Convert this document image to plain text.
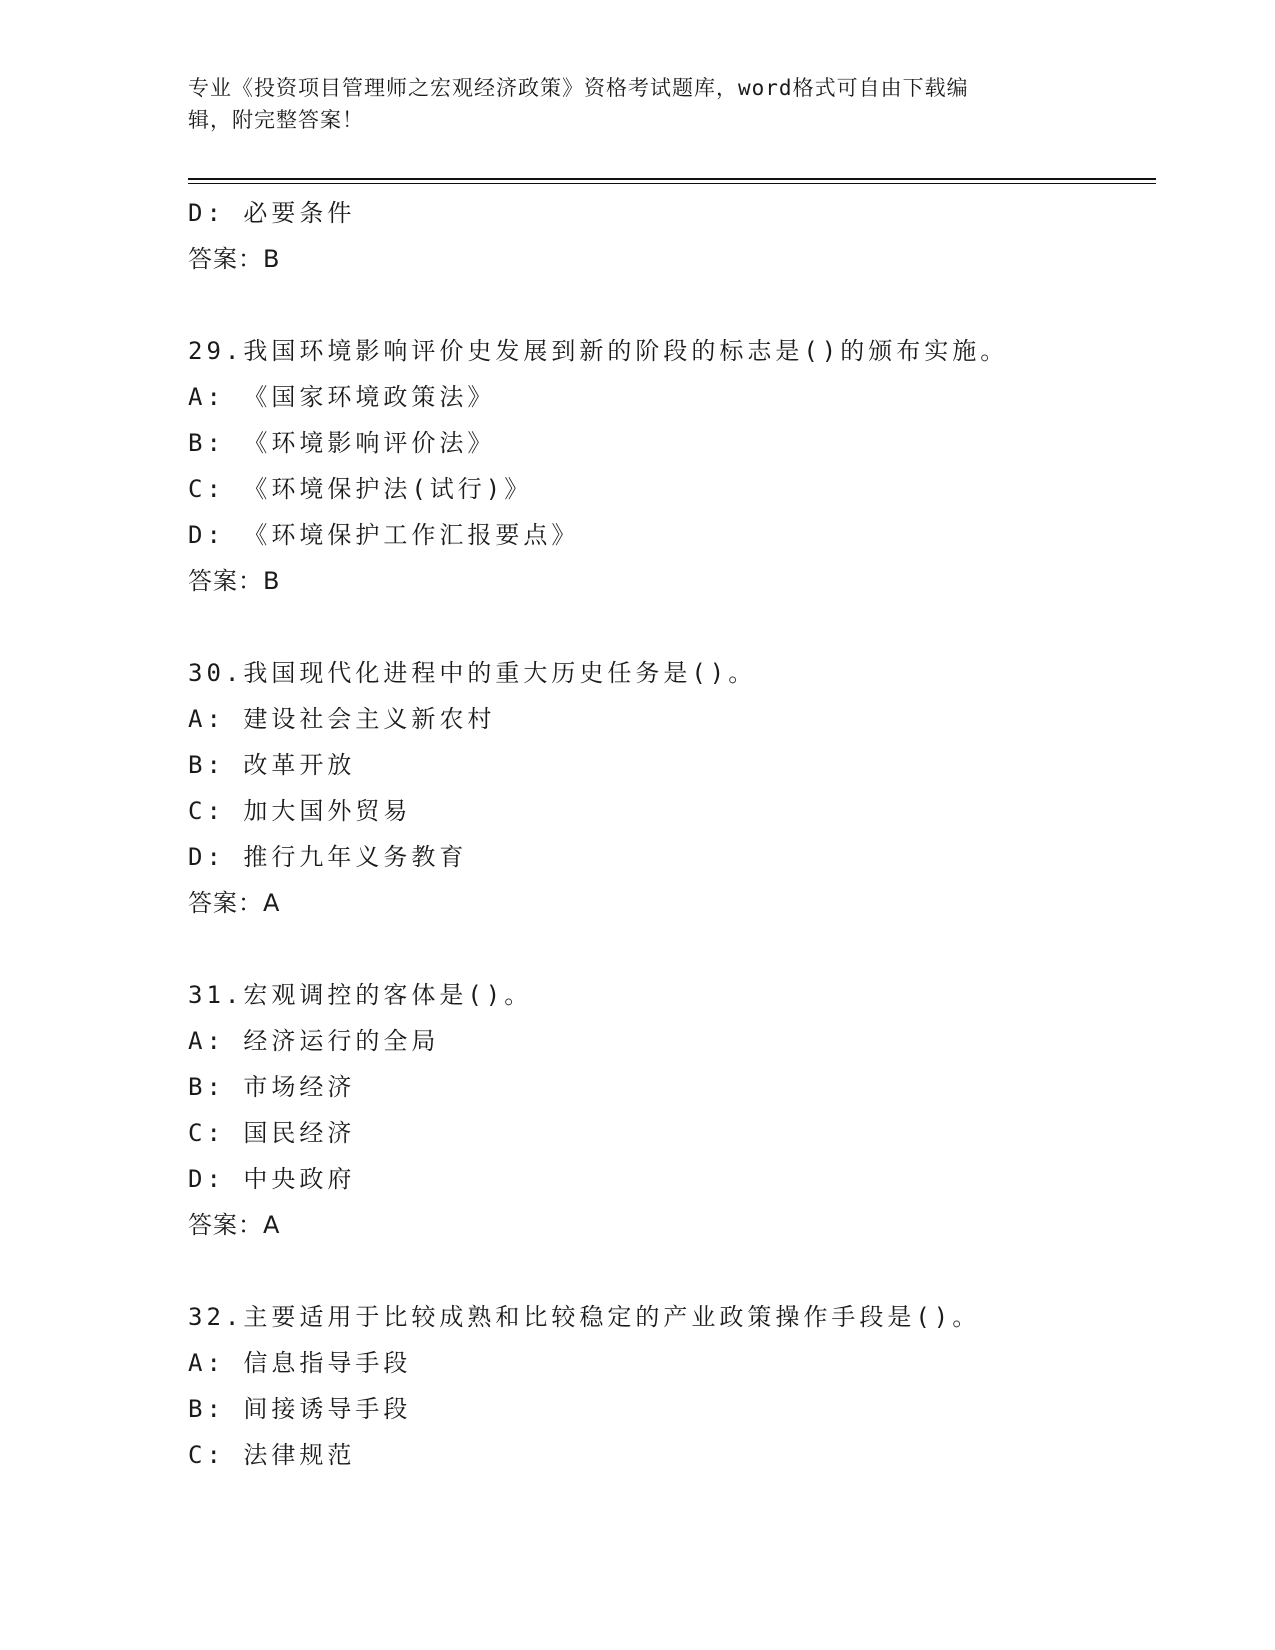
专业《投资项目管理师之宏观经济政策》资格考试题库，word格式可自由下载编
辑，附完整答案！
D: 必要条件
答案：B
29.我国环境影响评价史发展到新的阶段的标志是()的颁布实施。
A: 《国家环境政策法》
B: 《环境影响评价法》
C: 《环境保护法(试行)》
D: 《环境保护工作汇报要点》
答案：B
30.我国现代化进程中的重大历史任务是()。
A: 建设社会主义新农村
B: 改革开放
C: 加大国外贸易
D: 推行九年义务教育
答案：A
31.宏观调控的客体是()。
A: 经济运行的全局
B: 市场经济
C: 国民经济
D: 中央政府
答案：A
32.主要适用于比较成熟和比较稳定的产业政策操作手段是()。
A: 信息指导手段
B: 间接诱导手段
C: 法律规范
